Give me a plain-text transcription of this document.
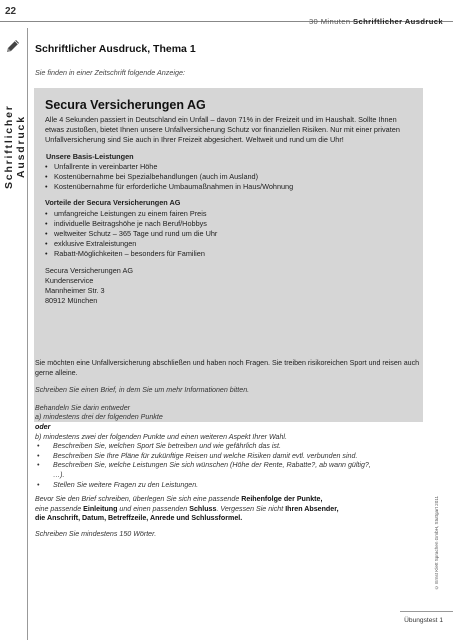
22
30 Minuten Schriftlicher Ausdruck
Schriftlicher Ausdruck
Schriftlicher Ausdruck, Thema 1
Sie finden in einer Zeitschrift folgende Anzeige:
Secura Versicherungen AG

Alle 4 Sekunden passiert in Deutschland ein Unfall – davon 71% in der Freizeit und im Haushalt. Sollte Ihnen etwas zustoßen, bietet Ihnen unsere Unfallversicherung Schutz vor finanziellen Risiken. Nur mit einer privaten Unfallversicherung sind Sie auch in Ihrer Freizeit abgesichert. Weltweit und rund um die Uhr!

Unsere Basis-Leistungen
• Unfallrente in vereinbarter Höhe
• Kostenübernahme bei Spezialbehandlungen (auch im Ausland)
• Kostenübernahme für erforderliche Umbaumaßnahmen in Haus/Wohnung
Vorteile der Secura Versicherungen AG
• umfangreiche Leistungen zu einem fairen Preis
• individuelle Beitragshöhe je nach Beruf/Hobbys
• weltweiter Schutz – 365 Tage und rund um die Uhr
• exklusive Extraleistungen
• Rabatt-Möglichkeiten – besonders für Familien
Secura Versicherungen AG
Kundenservice
Mannheimer Str. 3
80912 München
Sie möchten eine Unfallversicherung abschließen und haben noch Fragen. Sie treiben risikoreichen Sport und reisen auch gerne alleine.
Schreiben Sie einen Brief, in dem Sie um mehr Informationen bitten.
Behandeln Sie darin entweder
a) mindestens drei der folgenden Punkte
oder
b) mindestens zwei der folgenden Punkte und einen weiteren Aspekt Ihrer Wahl.
• Beschreiben Sie, welchen Sport Sie betreiben und wie gefährlich das ist.
• Beschreiben Sie Ihre Pläne für zukünftige Reisen und welche Risiken damit evtl. verbunden sind.
• Beschreiben Sie, welche Leistungen Sie sich wünschen (Höhe der Rente, Rabatte?, ab wann gültig?, …).
• Stellen Sie weitere Fragen zu den Leistungen.
Bevor Sie den Brief schreiben, überlegen Sie sich eine passende Reihenfolge der Punkte,
eine passende Einleitung und einen passenden Schluss. Vergessen Sie nicht Ihren Absender,
die Anschrift, Datum, Betreffzeile, Anrede und Schlussformel.
Schreiben Sie mindestens 150 Wörter.	© Ernst Klett Sprachen GmbH, Stuttgart 2011
Übungstest 1
